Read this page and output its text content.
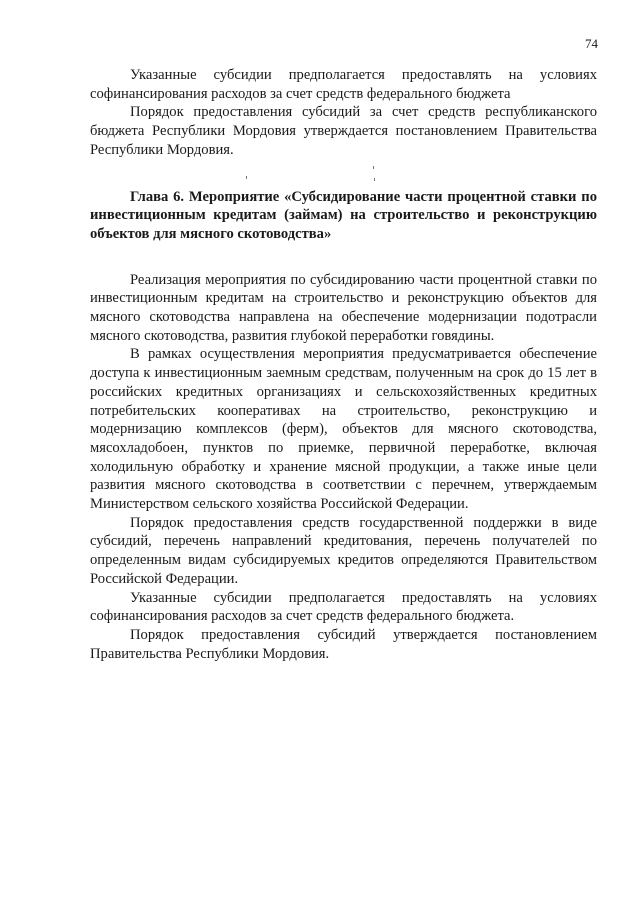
74

Указанные субсидии предполагается предоставлять на условиях софинансирования расходов за счет средств федерального бюджета

Порядок предоставления субсидий за счет средств республиканского бюджета Республики Мордовия утверждается постановлением Правительства Республики Мордовия.

Глава 6. Мероприятие «Субсидирование части процентной ставки по инвестиционным кредитам (займам) на строительство и реконструкцию объектов для мясного скотоводства»

Реализация мероприятия по субсидированию части процентной ставки по инвестиционным кредитам на строительство и реконструкцию объектов для мясного скотоводства направлена на обеспечение модернизации подотрасли мясного скотоводства, развития глубокой переработки говядины.

В рамках осуществления мероприятия предусматривается обеспечение доступа к инвестиционным заемным средствам, полученным на срок до 15 лет в российских кредитных организациях и сельскохозяйственных кредитных потребительских кооперативах на строительство, реконструкцию и модернизацию комплексов (ферм), объектов для мясного скотоводства, мясохладобоен, пунктов по приемке, первичной переработке, включая холодильную обработку и хранение мясной продукции, а также иные цели развития мясного скотоводства в соответствии с перечнем, утверждаемым Министерством сельского хозяйства Российской Федерации.

Порядок предоставления средств государственной поддержки в виде субсидий, перечень направлений кредитования, перечень получателей по определенным видам субсидируемых кредитов определяются Правительством Российской Федерации.

Указанные субсидии предполагается предоставлять на условиях софинансирования расходов за счет средств федерального бюджета.

Порядок предоставления субсидий утверждается постановлением Правительства Республики Мордовия.
